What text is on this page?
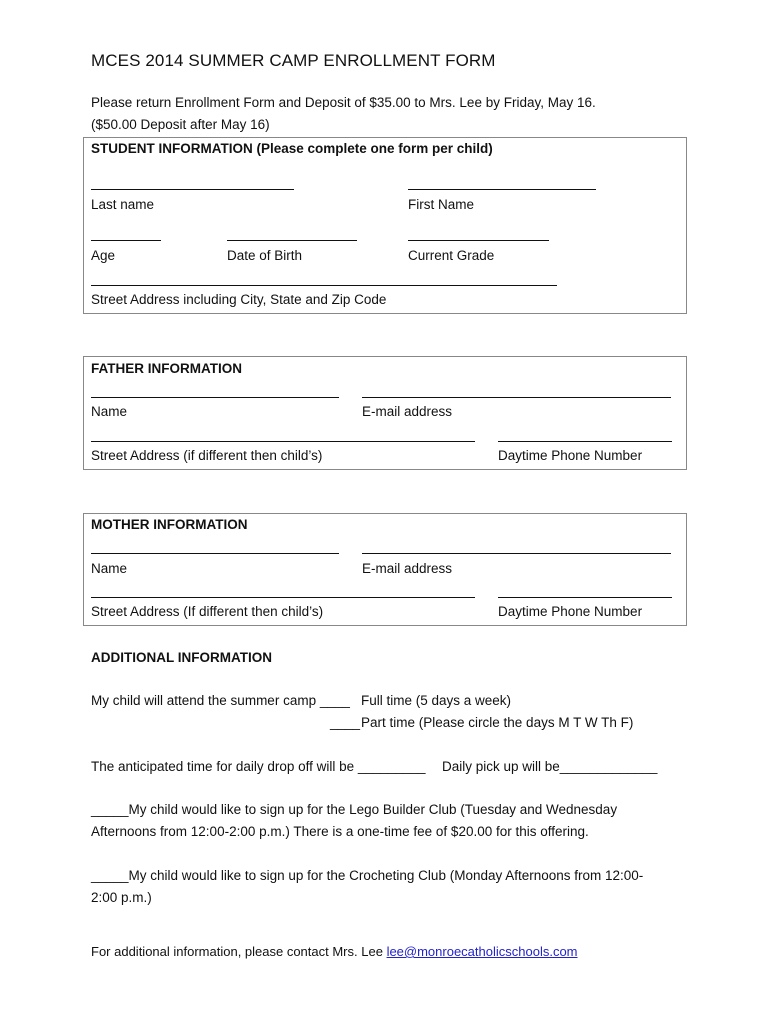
MCES 2014 SUMMER CAMP ENROLLMENT FORM
Please return Enrollment Form and Deposit of $35.00 to Mrs. Lee by Friday, May 16.
($50.00 Deposit after May 16)
STUDENT INFORMATION (Please complete one form per child)
Last name	First Name
Age	Date of Birth	Current Grade
Street Address including City, State and Zip Code
FATHER INFORMATION
Name	E-mail address
Street Address (if different then child’s)	Daytime Phone Number
MOTHER INFORMATION
Name	E-mail address
Street Address (If different then child’s)	Daytime Phone Number
ADDITIONAL INFORMATION
My child will attend the summer camp ____ Full time (5 days a week)
____ Part time (Please circle the days M T W Th F)
The anticipated time for daily drop off will be _________ Daily pick up will be_____________
_____My child would like to sign up for the Lego Builder Club (Tuesday and Wednesday
Afternoons from 12:00-2:00 p.m.) There is a one-time fee of $20.00 for this offering.
_____My child would like to sign up for the Crocheting Club (Monday Afternoons from 12:00-
2:00 p.m.)
For additional information, please contact Mrs. Lee lee@monroecatholicschools.com
